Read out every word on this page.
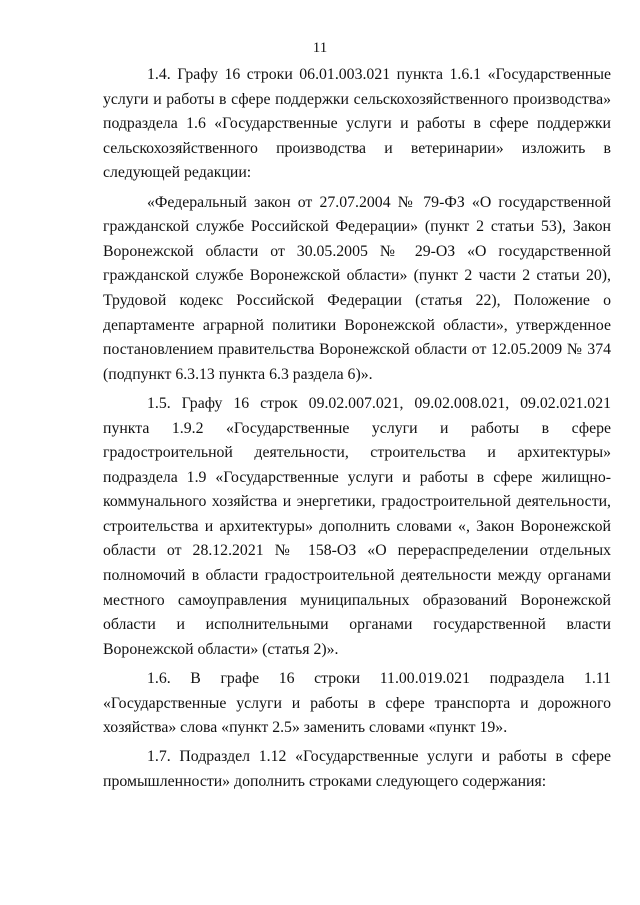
11

1.4. Графу 16 строки 06.01.003.021 пункта 1.6.1 «Государственные услуги и работы в сфере поддержки сельскохозяйственного производства» подраздела 1.6 «Государственные услуги и работы в сфере поддержки сельскохозяйственного производства и ветеринарии» изложить в следующей редакции:

«Федеральный закон от 27.07.2004 № 79-ФЗ «О государственной гражданской службе Российской Федерации» (пункт 2 статьи 53), Закон Воронежской области от 30.05.2005 № 29-ОЗ «О государственной гражданской службе Воронежской области» (пункт 2 части 2 статьи 20), Трудовой кодекс Российской Федерации (статья 22), Положение о департаменте аграрной политики Воронежской области», утвержденное постановлением правительства Воронежской области от 12.05.2009 № 374 (подпункт 6.3.13 пункта 6.3 раздела 6)».

1.5. Графу 16 строк 09.02.007.021, 09.02.008.021, 09.02.021.021 пункта 1.9.2 «Государственные услуги и работы в сфере градостроительной деятельности, строительства и архитектуры» подраздела 1.9 «Государственные услуги и работы в сфере жилищно-коммунального хозяйства и энергетики, градостроительной деятельности, строительства и архитектуры» дополнить словами «, Закон Воронежской области от 28.12.2021 № 158-ОЗ «О перераспределении отдельных полномочий в области градостроительной деятельности между органами местного самоуправления муниципальных образований Воронежской области и исполнительными органами государственной власти Воронежской области» (статья 2)».

1.6. В графе 16 строки 11.00.019.021 подраздела 1.11 «Государственные услуги и работы в сфере транспорта и дорожного хозяйства» слова «пункт 2.5» заменить словами «пункт 19».

1.7. Подраздел 1.12 «Государственные услуги и работы в сфере промышленности» дополнить строками следующего содержания:
